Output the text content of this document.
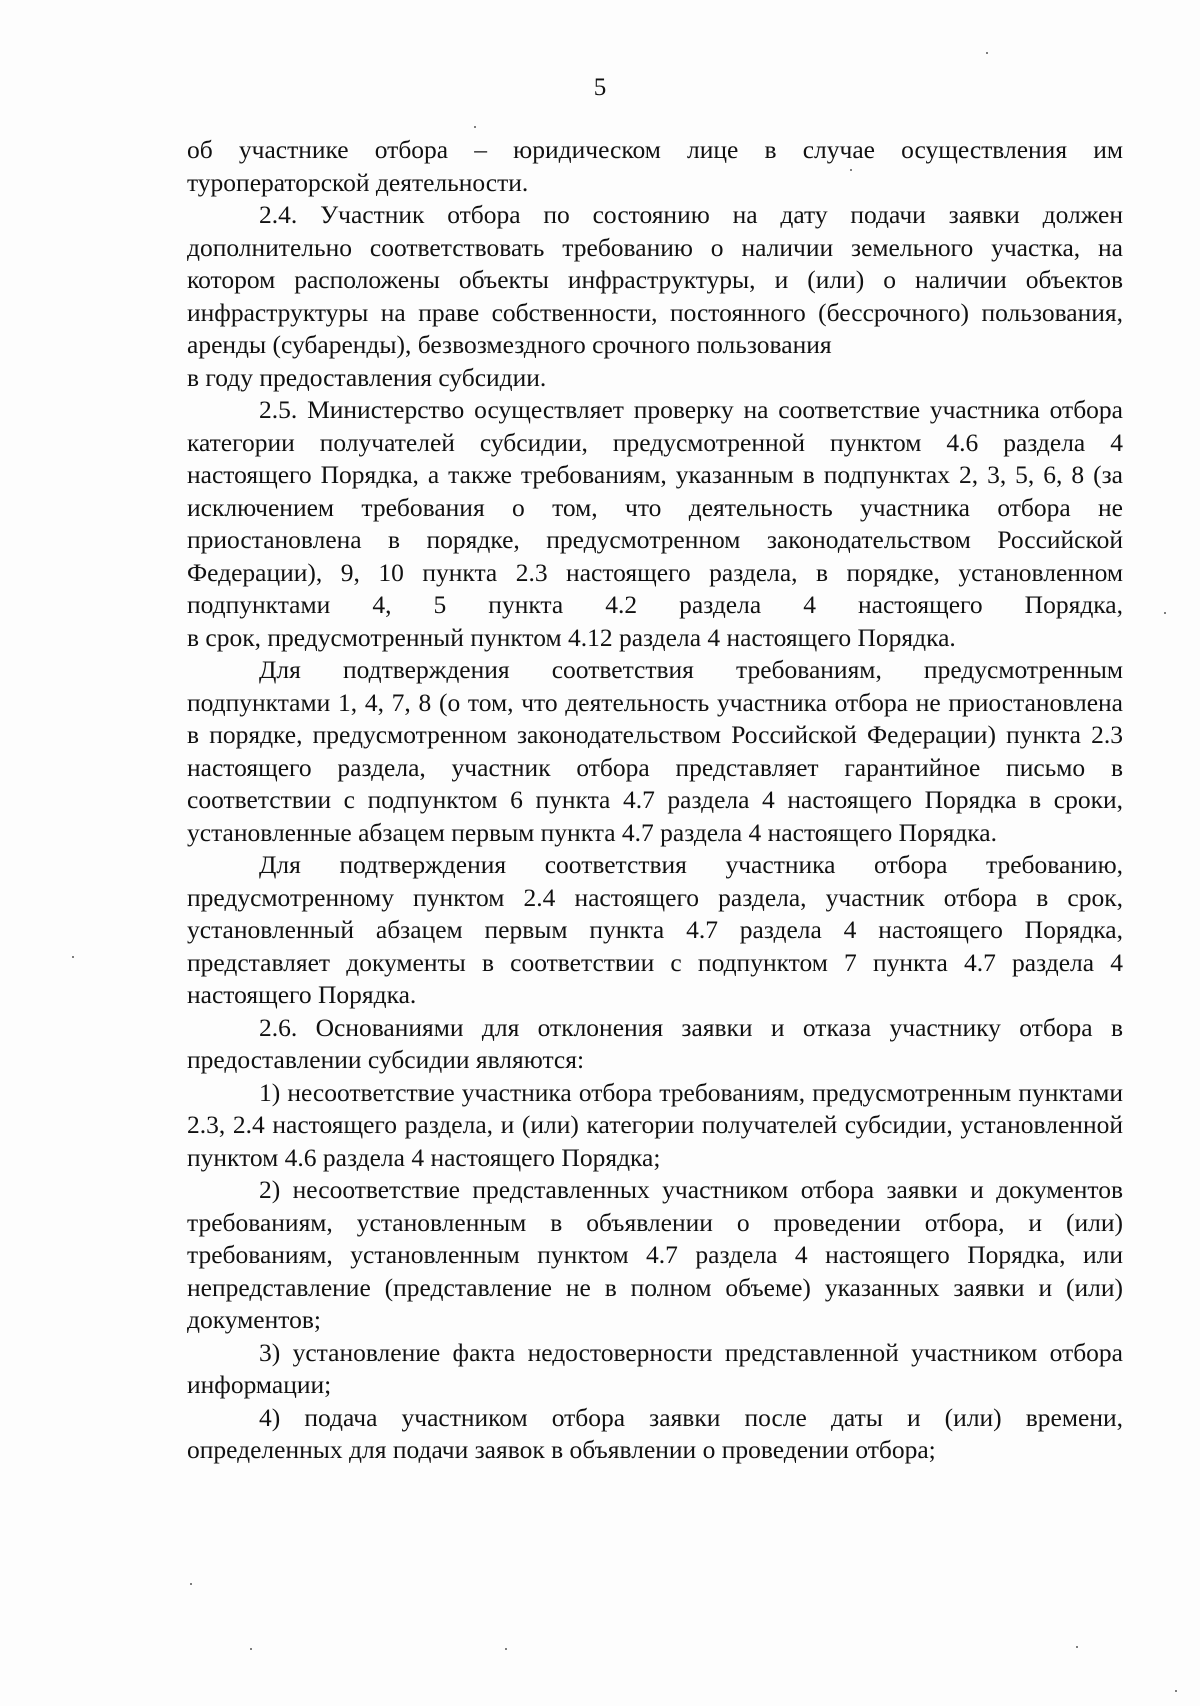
5

об участнике отбора – юридическом лице в случае осуществления им туроператорской деятельности.

2.4. Участник отбора по состоянию на дату подачи заявки должен дополнительно соответствовать требованию о наличии земельного участка, на котором расположены объекты инфраструктуры, и (или) о наличии объектов инфраструктуры на праве собственности, постоянного (бессрочного) пользования, аренды (субаренды), безвозмездного срочного пользования

в году предоставления субсидии.

2.5. Министерство осуществляет проверку на соответствие участника отбора категории получателей субсидии, предусмотренной пунктом 4.6 раздела 4 настоящего Порядка, а также требованиям, указанным в подпунктах 2, 3, 5, 6, 8 (за исключением требования о том, что деятельность участника отбора не приостановлена в порядке, предусмотренном законодательством Российской Федерации), 9, 10 пункта 2.3 настоящего раздела, в порядке, установленном подпунктами 4, 5 пункта 4.2 раздела 4 настоящего Порядка,

в срок, предусмотренный пунктом 4.12 раздела 4 настоящего Порядка.

Для подтверждения соответствия требованиям, предусмотренным подпунктами 1, 4, 7, 8 (о том, что деятельность участника отбора не приостановлена в порядке, предусмотренном законодательством Российской Федерации) пункта 2.3 настоящего раздела, участник отбора представляет гарантийное письмо в соответствии с подпунктом 6 пункта 4.7 раздела 4 настоящего Порядка в сроки, установленные абзацем первым пункта 4.7 раздела 4 настоящего Порядка.

Для подтверждения соответствия участника отбора требованию, предусмотренному пунктом 2.4 настоящего раздела, участник отбора в срок, установленный абзацем первым пункта 4.7 раздела 4 настоящего Порядка, представляет документы в соответствии с подпунктом 7 пункта 4.7 раздела 4 настоящего Порядка.

2.6. Основаниями для отклонения заявки и отказа участнику отбора в предоставлении субсидии являются:

1) несоответствие участника отбора требованиям, предусмотренным пунктами 2.3, 2.4 настоящего раздела, и (или) категории получателей субсидии, установленной пунктом 4.6 раздела 4 настоящего Порядка;

2) несоответствие представленных участником отбора заявки и документов требованиям, установленным в объявлении о проведении отбора, и (или) требованиям, установленным пунктом 4.7 раздела 4 настоящего Порядка, или непредставление (представление не в полном объеме) указанных заявки и (или) документов;

3) установление факта недостоверности представленной участником отбора информации;

4) подача участником отбора заявки после даты и (или) времени, определенных для подачи заявок в объявлении о проведении отбора;
